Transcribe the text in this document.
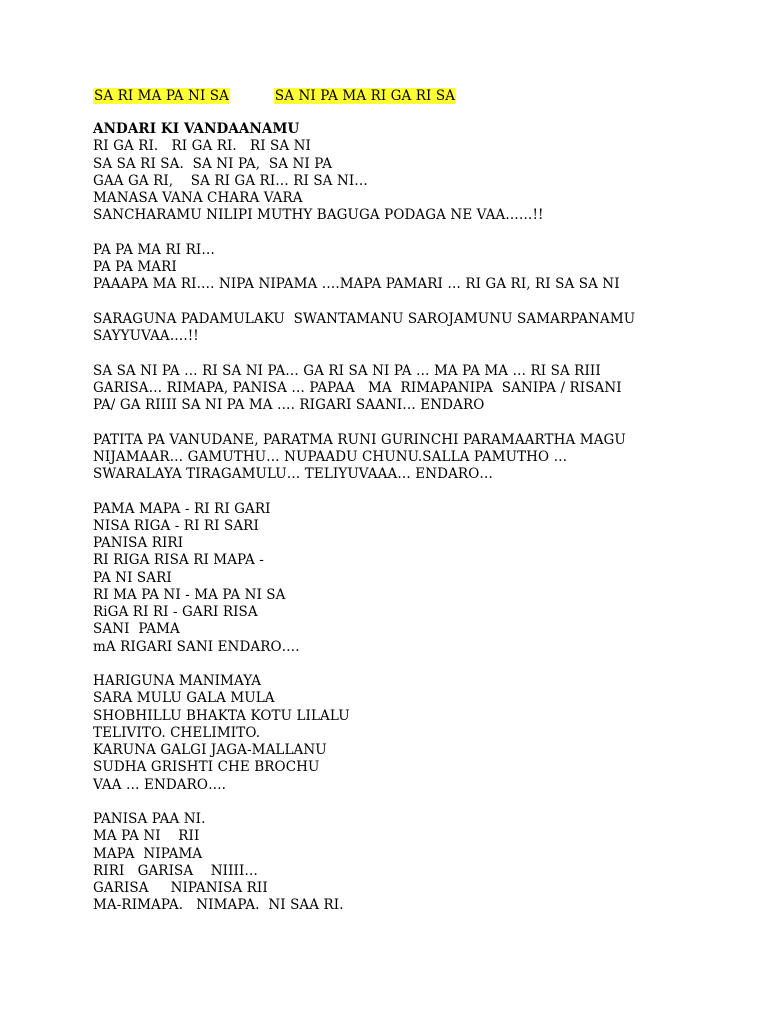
SA RI MA PA NI SA	SA NI PA MA RI GA RI SA
ANDARI KI VANDAANAMU
RI GA RI.   RI GA RI.   RI SA NI
SA SA RI SA.  SA NI PA,  SA NI PA
GAA GA RI,    SA RI GA RI… RI SA NI…
MANASA VANA CHARA VARA
SANCHARAMU NILIPI MUTHY BAGUGA PODAGA NE VAA……!!
PA PA MA RI RI…
PA PA MARI
PAAAPA MA RI…. NIPA NIPAMA ….MAPA PAMARI … RI GA RI, RI SA SA NI
SARAGUNA PADAMULAKU  SWANTAMANU SAROJAMUNU SAMARPANAMU
SAYYUVAA….!!
SA SA NI PA … RI SA NI PA… GA RI SA NI PA … MA PA MA … RI SA RIII
GARISA… RIMAPA, PANISA … PAPAA   MA  RIMAPANIPA  SANIPA / RISANI
PA/ GA RIIII SA NI PA MA …. RIGARI SAANI… ENDARO
PATITA PA VANUDANE, PARATMA RUNI GURINCHI PARAMAARTHA MAGU
NIJAMAAR… GAMUTHU… NUPAADU CHUNU.SALLA PAMUTHO …
SWARALAYA TIRAGAMULU… TELIYUVAAA… ENDARO…
PAMA MAPA - RI RI GARI
NISA RIGA - RI RI SARI
PANISA RIRI
RI RIGA RISA RI MAPA -
PA NI SARI
RI MA PA NI - MA PA NI SA
RiGA RI RI - GARI RISA
SANI  PAMA
mA RIGARI SANI ENDARO….
HARIGUNA MANIMAYA
SARA MULU GALA MULA
SHOBHILLU BHAKTA KOTU LILALU
TELIVITO. CHELIMITO.
KARUNA GALGI JAGA-MALLANU
SUDHA GRISHTI CHE BROCHU
VAA … ENDARO….
PANISA PAA NI.
MA PA NI    RII
MAPA  NIPAMA
RIRI   GARISA    NIIII…
GARISA     NIPANISA RII
MA-RIMAPA.   NIMAPA.  NI SAA RI.
